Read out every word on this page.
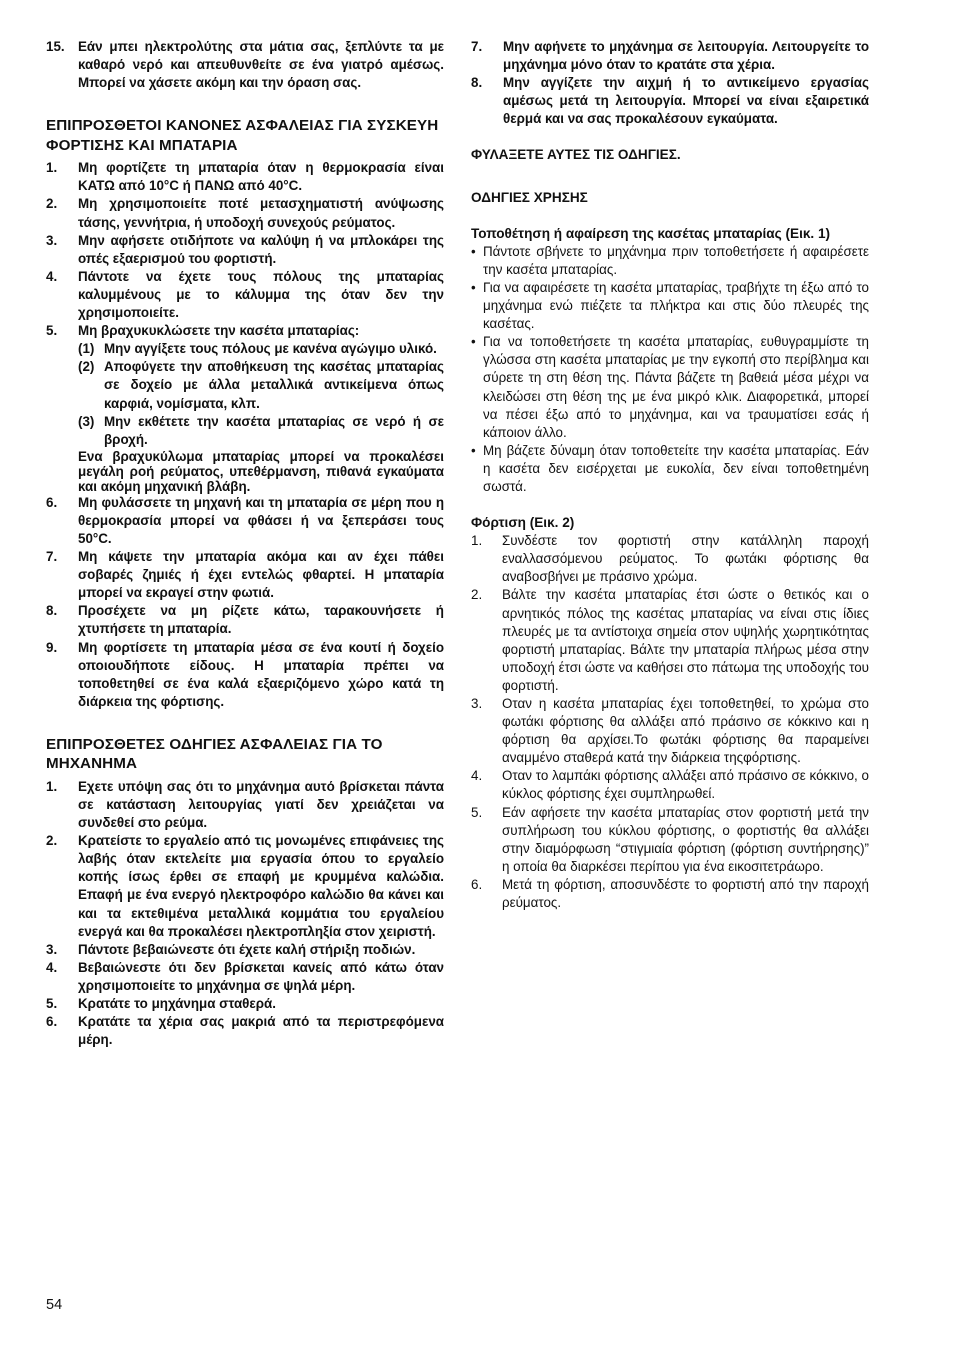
15. Εάν μπει ηλεκτρολύτης στα μάτια σας, ξεπλύντε τα με καθαρό νερό και απευθυνθείτε σε ένα γιατρό αμέσως. Μπορεί να χάσετε ακόμη και την όραση σας.
ΕΠΙΠΡΟΣΘΕΤΟΙ ΚΑΝΟΝΕΣ ΑΣΦΑΛΕΙΑΣ ΓΙΑ ΣΥΣΚΕΥΗ ΦΟΡΤΙΣΗΣ ΚΑΙ ΜΠΑΤΑΡΙΑ
1. Μη φορτίζετε τη μπαταρία όταν η θερμοκρασία είναι ΚΑΤΩ από 10°C ή ΠΑΝΩ από 40°C.
2. Μη χρησιμοποιείτε ποτέ μετασχηματιστή ανύψωσης τάσης, γεννήτρια, ή υποδοχή συνεχούς ρεύματος.
3. Μην αφήσετε οτιδήποτε να καλύψη ή να μπλοκάρει της οπές εξαερισμού του φορτιστή.
4. Πάντοτε να έχετε τους πόλους της μπαταρίας καλυμμένους με το κάλυμμα της όταν δεν την χρησιμοποιείτε.
5. Μη βραχυκυκλώσετε την κασέτα μπαταρίας:
(1) Μην αγγίξετε τους πόλους με κανένα αγώγιμο υλικό.
(2) Αποφύγετε την αποθήκευση της κασέτας μπαταρίας σε δοχείο με άλλα μεταλλικά αντικείμενα όπως καρφιά, νομίσματα, κλπ.
(3) Μην εκθέτετε την κασέτα μπαταρίας σε νερό ή σε βροχή.
Ενα βραχυκύλωμα μπαταρίας μπορεί να προκαλέσει μεγάλη ροή ρεύματος, υπεθέρμανση, πιθανά εγκαύματα και ακόμη μηχανική βλάβη.
6. Μη φυλάσσετε τη μηχανή και τη μπαταρία σε μέρη που η θερμοκρασία μπορεί να φθάσει ή να ξεπεράσει τους 50°C.
7. Μη κάψετε την μπαταρία ακόμα και αν έχει πάθει σοβαρές ζημιές ή έχει εντελώς φθαρτεί. Η μπαταρία μπορεί να εκραγεί στην φωτιά.
8. Προσέχετε να μη ρίζετε κάτω, ταρακουνήσετε ή χτυπήσετε τη μπαταρία.
9. Μη φορτίσετε τη μπαταρία μέσα σε ένα κουτί ή δοχείο οποιουδήποτε είδους. Η μπαταρία πρέπει να τοποθετηθεί σε ένα καλά εξαεριζόμενο χώρο κατά τη διάρκεια της φόρτισης.
ΕΠΙΠΡΟΣΘΕΤΕΣ ΟΔΗΓΙΕΣ ΑΣΦΑΛΕΙΑΣ ΓΙΑ ΤΟ ΜΗΧΑΝΗΜΑ
1. Εχετε υπόψη σας ότι το μηχάνημα αυτό βρίσκεται πάντα σε κατάσταση λειτουργίας γιατί δεν χρειάζεται να συνδεθεί στο ρεύμα.
2. Κρατείστε το εργαλείο από τις μονωμένες επιφάνειες της λαβής όταν εκτελείτε μια εργασία όπου το εργαλείο κοπής ίσως έρθει σε επαφή με κρυμμένα καλώδια. Επαφή με ένα ενεργό ηλεκτροφόρο καλώδιο θα κάνει και και τα εκτεθιμένα μεταλλικά κομμάτια του εργαλείου ενεργά και θα προκαλέσει ηλεκτροπληξία στον χειριστή.
3. Πάντοτε βεβαιώνεστε ότι έχετε καλή στήριξη ποδιών.
4. Βεβαιώνεστε ότι δεν βρίσκεται κανείς από κάτω όταν χρησιμοποιείτε το μηχάνημα σε ψηλά μέρη.
5. Κρατάτε το μηχάνημα σταθερά.
6. Κρατάτε τα χέρια σας μακριά από τα περιστρεφόμενα μέρη.
7. Μην αφήνετε το μηχάνημα σε λειτουργία. Λειτουργείτε το μηχάνημα μόνο όταν το κρατάτε στα χέρια.
8. Μην αγγίζετε την αιχμή ή το αντικείμενο εργασίας αμέσως μετά τη λειτουργία. Μπορεί να είναι εξαιρετικά θερμά και να σας προκαλέσουν εγκαύματα.
ΦΥΛΑΞΕΤΕ ΑΥΤΕΣ ΤΙΣ ΟΔΗΓΙΕΣ.
ΟΔΗΓΙΕΣ ΧΡΗΣΗΣ
Τοποθέτηση ή αφαίρεση της κασέτας μπαταρίας (Εικ. 1)
• Πάντοτε σβήνετε το μηχάνημα πριν τοποθετήσετε ή αφαιρέσετε την κασέτα μπαταρίας.
• Για να αφαιρέσετε τη κασέτα μπαταρίας, τραβήχτε τη έξω από το μηχάνημα ενώ πιέζετε τα πλήκτρα και στις δύο πλευρές της κασέτας.
• Για να τοποθετήσετε τη κασέτα μπαταρίας, ευθυγραμμίστε τη γλώσσα στη κασέτα μπαταρίας με την εγκοπή στο περίβλημα και σύρετε τη στη θέση της. Πάντα βάζετε τη βαθειά μέσα μέχρι να κλειδώσει στη θέση της με ένα μικρό κλικ. Διαφορετικά, μπορεί να πέσει έξω από το μηχάνημα, και να τραυματίσει εσάς ή κάποιον άλλο.
• Μη βάζετε δύναμη όταν τοποθετείτε την κασέτα μπαταρίας. Εάν η κασέτα δεν εισέρχεται με ευκολία, δεν είναι τοποθετημένη σωστά.
Φόρτιση (Εικ. 2)
1. Συνδέστε τον φορτιστή στην κατάλληλη παροχή εναλλασσόμενου ρεύματος. Το φωτάκι φόρτισης θα αναβοσβήνει με πράσινο χρώμα.
2. Βάλτε την κασέτα μπαταρίας έτσι ώστε ο θετικός και ο αρνητικός πόλος της κασέτας μπαταρίας να είναι στις ίδιες πλευρές με τα αντίστοιχα σημεία στον υψηλής χωρητικότητας φορτιστή μπαταρίας. Βάλτε την μπαταρία πλήρως μέσα στην υποδοχή έτσι ώστε να καθήσει στο πάτωμα της υποδοχής του φορτιστή.
3. Οταν η κασέτα μπαταρίας έχει τοποθετηθεί, το χρώμα στο φωτάκι φόρτισης θα αλλάξει από πράσινο σε κόκκινο και η φόρτιση θα αρχίσει.Το φωτάκι φόρτισης θα παραμείνει αναμμένο σταθερά κατά την διάρκεια τηςφόρτισης.
4. Οταν το λαμπάκι φόρτισης αλλάξει από πράσινο σε κόκκινο, ο κύκλος φόρτισης έχει συμπληρωθεί.
5. Εάν αφήσετε την κασέτα μπαταρίας στον φορτιστή μετά την συπλήρωση του κύκλου φόρτισης, ο φορτιστής θα αλλάξει στην διαμόρφωση “στιγμιαία φόρτιση (φόρτιση συντήρησης)” η οποία θα διαρκέσει περίπου για ένα εικοσιτετράωρο.
6. Μετά τη φόρτιση, αποσυνδέστε το φορτιστή από την παροχή ρεύματος.
54
